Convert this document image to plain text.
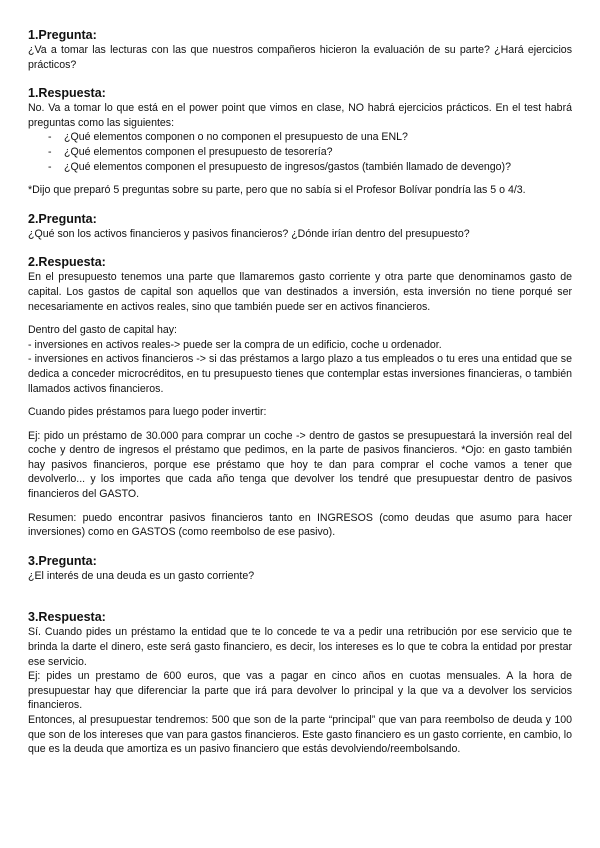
1.Pregunta:

¿Va a tomar las lecturas con las que nuestros compañeros hicieron la evaluación de su parte? ¿Hará ejercicios prácticos?

1.Respuesta:

No. Va a tomar lo que está en el power point que vimos en clase, NO habrá ejercicios prácticos. En el test habrá preguntas como las siguientes:

- ¿Qué elementos componen o no componen el presupuesto de una ENL?
- ¿Qué elementos componen el presupuesto de tesorería?
- ¿Qué elementos componen el presupuesto de ingresos/gastos (también llamado de devengo)?

*Dijo que preparó 5 preguntas sobre su parte, pero que no sabía si el Profesor Bolívar pondría las 5 o 4/3.

2.Pregunta:

¿Qué son los activos financieros y pasivos financieros? ¿Dónde irían dentro del presupuesto?

2.Respuesta:

En el presupuesto tenemos una parte que llamaremos gasto corriente y otra parte que denominamos gasto de capital. Los gastos de capital son aquellos que van destinados a inversión, esta inversión no tiene porqué ser necesariamente en activos reales, sino que también puede ser en activos financieros.

Dentro del gasto de capital hay:

- inversiones en activos reales-> puede ser la compra de un edificio, coche u ordenador.

- inversiones en activos financieros -> si das préstamos a largo plazo a tus empleados o tu eres una entidad que se dedica a conceder microcréditos, en tu presupuesto tienes que contemplar estas inversiones financieras, o también llamados activos financieros.

Cuando pides préstamos para luego poder invertir:

Ej: pido un préstamo de 30.000 para comprar un coche -> dentro de gastos se presupuestará la inversión real del coche y dentro de ingresos el préstamo que pedimos, en la parte de pasivos financieros. *Ojo: en gasto también hay pasivos financieros, porque ese préstamo que hoy te dan para comprar el coche vamos a tener que devolverlo... y los importes que cada año tenga que devolver los tendré que presupuestar dentro de pasivos financieros del GASTO.

Resumen: puedo encontrar pasivos financieros tanto en INGRESOS (como deudas que asumo para hacer inversiones) como en GASTOS (como reembolso de ese pasivo).

3.Pregunta:

¿El interés de una deuda es un gasto corriente?

3.Respuesta:

Sí. Cuando pides un préstamo la entidad que te lo concede te va a pedir una retribución por ese servicio que te brinda la darte el dinero, este será gasto financiero, es decir, los intereses es lo que te cobra la entidad por prestar ese servicio.

Ej: pides un prestamo de 600 euros, que vas a pagar en cinco años en cuotas mensuales. A la hora de presupuestar hay que diferenciar la parte que irá para devolver lo principal y la que va a devolver los servicios financieros.

Entonces, al presupuestar tendremos: 500 que son de la parte “principal” que van para reembolso de deuda y 100 que son de los intereses que van para gastos financieros. Este gasto financiero es un gasto corriente, en cambio, lo que es la deuda que amortiza es un pasivo financiero que estás devolviendo/reembolsando.
